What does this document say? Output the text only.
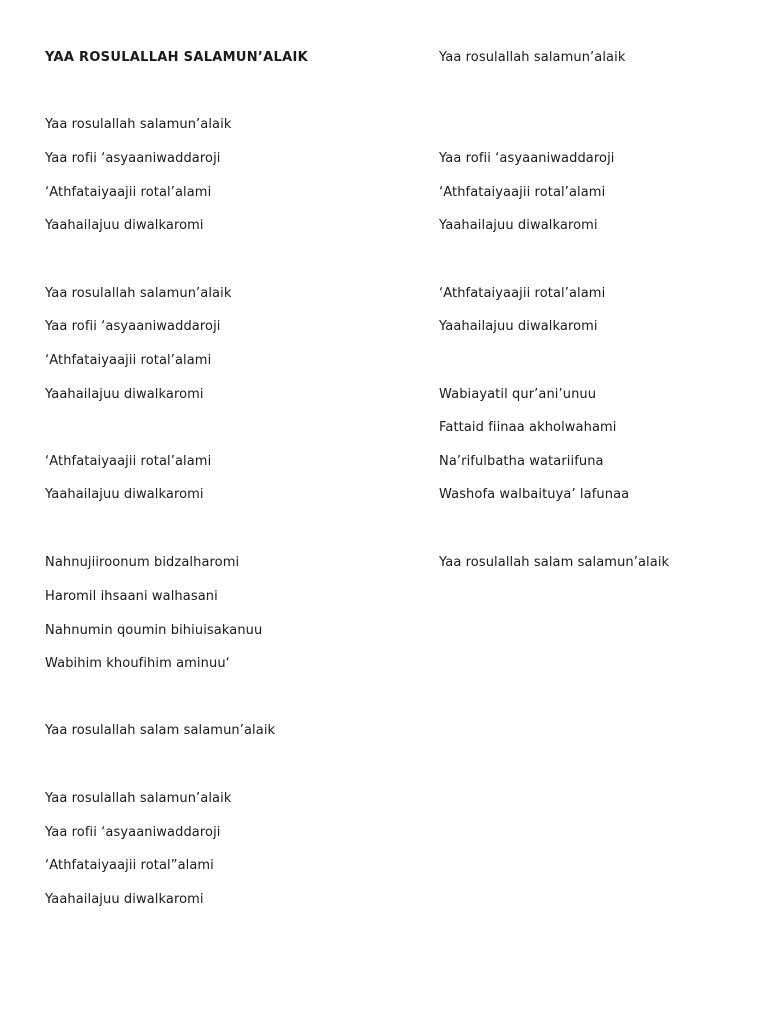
YAA ROSULALLAH SALAMUN’ALAIK
Yaa rosulallah salamun’alaik
Yaa rofii ‘asyaaniwaddaroji
‘Athfataiyaajii rotal’alami
Yaahailajuu diwalkaromi
Yaa rosulallah salamun’alaik
Yaa rofii ‘asyaaniwaddaroji
‘Athfataiyaajii rotal’alami
Yaahailajuu diwalkaromi
‘Athfataiyaajii rotal’alami
Yaahailajuu diwalkaromi
Nahnujiiroonum bidzalharomi
Haromil ihsaani walhasani
Nahnumin qoumin bihiuisakanuu
Wabihim khoufihim aminuu‘
Yaa rosulallah salam salamun’alaik
Yaa rosulallah salamun’alaik
Yaa rofii ‘asyaaniwaddaroji
‘Athfataiyaajii rotal”alami
Yaahailajuu diwalkaromi
Yaa rosulallah salamun’alaik
Yaa rofii ‘asyaaniwaddaroji
‘Athfataiyaajii rotal’alami
Yaahailajuu diwalkaromi
‘Athfataiyaajii rotal’alami
Yaahailajuu diwalkaromi
Wabiayatil qur’ani’unuu
Fattaid fiinaa akholwahami
Na’rifulbatha watariifuna
Washofa walbaituya’ lafunaa
Yaa rosulallah salam salamun’alaik
